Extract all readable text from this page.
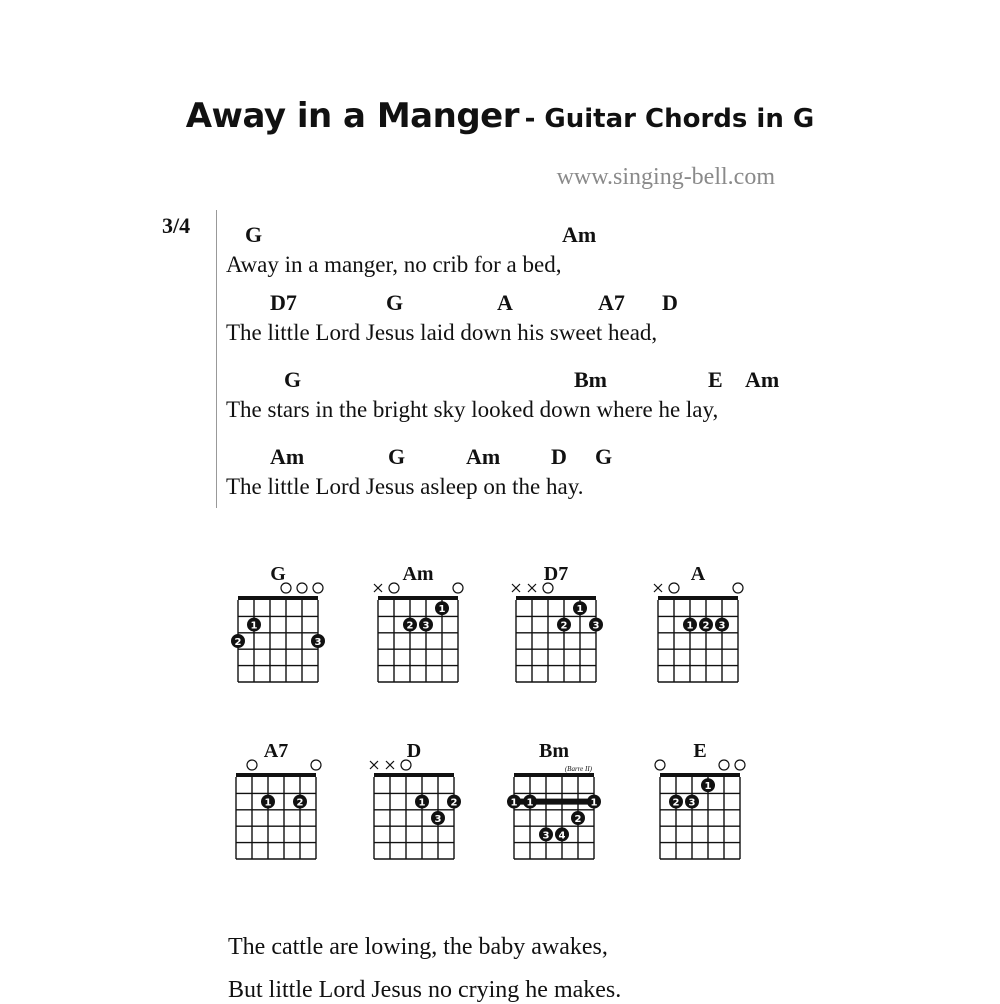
Away in a Manger - Guitar Chords in G
www.singing-bell.com
3/4 G	Am
Away in a manger, no crib for a bed,
D7	G	A	A7 D
The little Lord Jesus laid down his sweet head,
G	Bm	E Am
The stars in the bright sky looked down where he lay,
Am	G	Am D G
The little Lord Jesus asleep on the hay.
G
1
2	3
Am
1
2 3
D7
1
2	3
A
1 2 3
A7
1	2
D
1	2
3
Bm
(Barre II)
1 1	1
2
3 4
E
1
2 3
The cattle are lowing, the baby awakes,
But little Lord Jesus no crying he makes.
